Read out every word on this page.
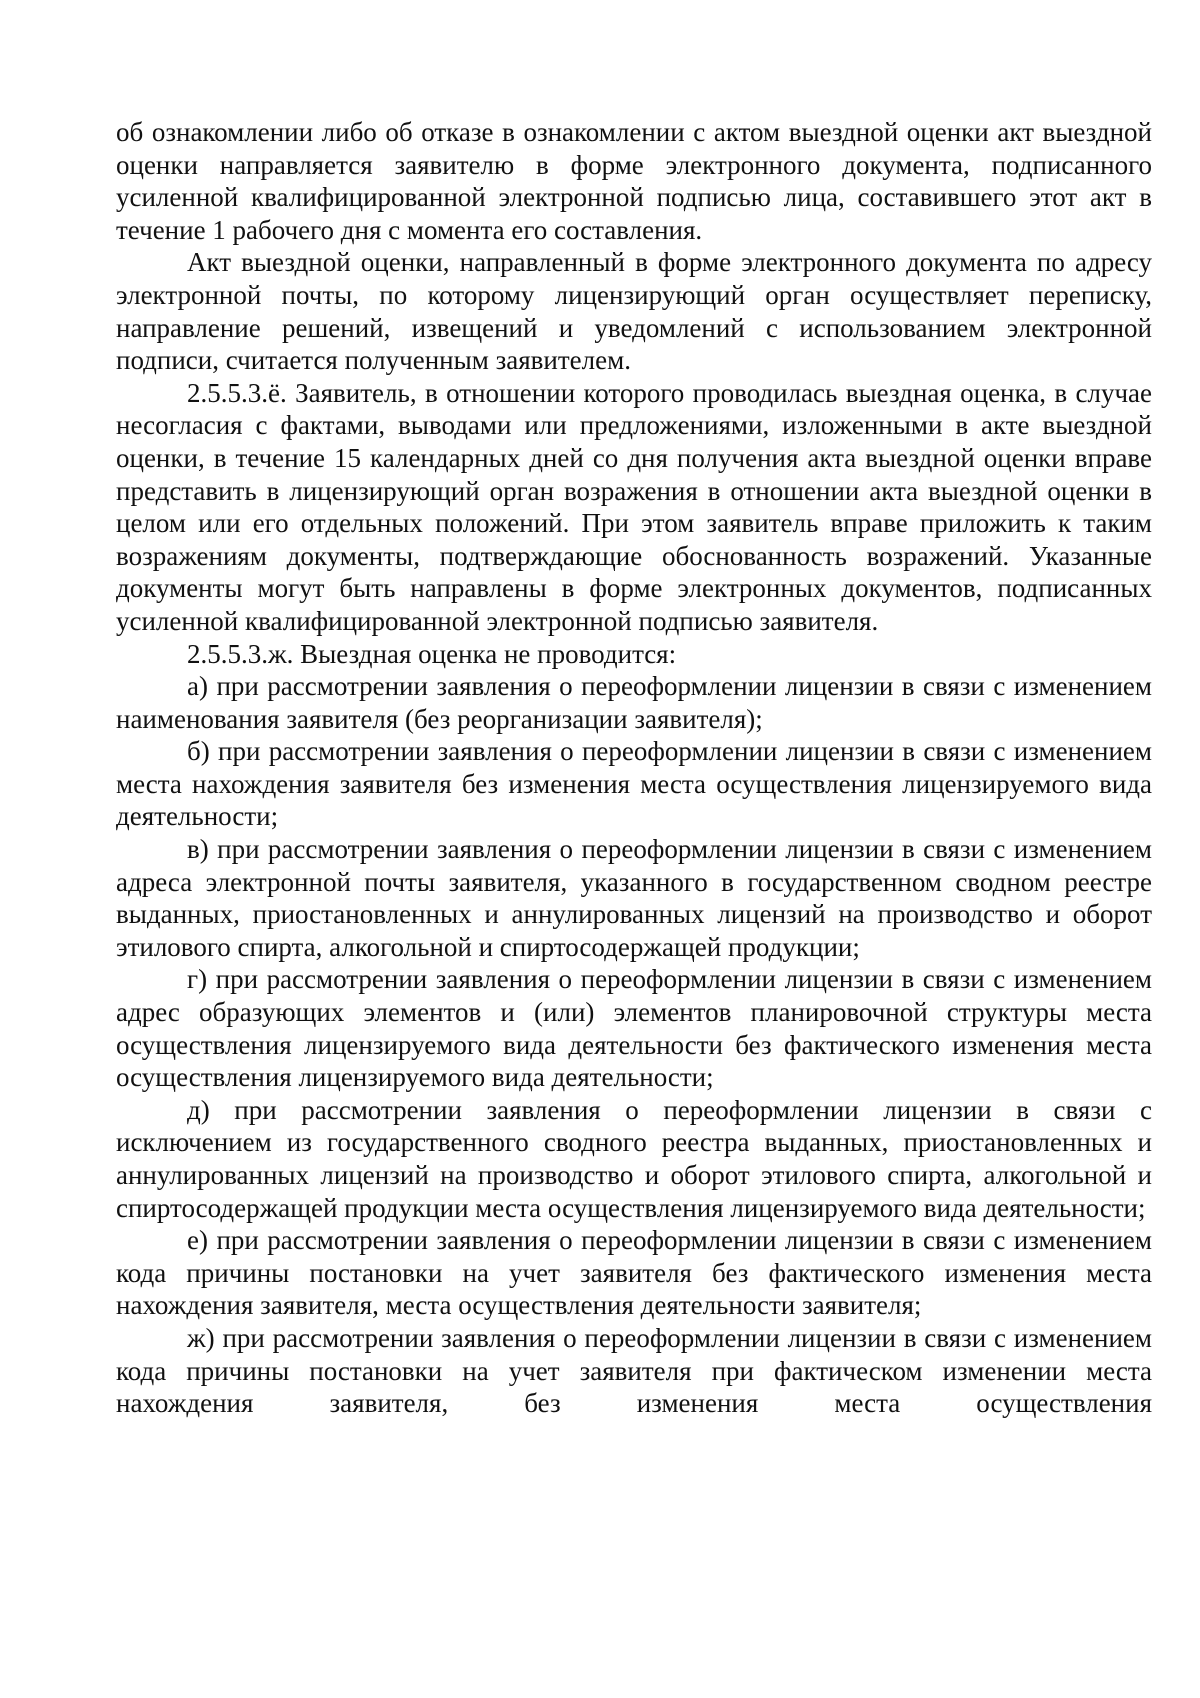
об ознакомлении либо об отказе в ознакомлении с актом выездной оценки акт выездной оценки направляется заявителю в форме электронного документа, подписанного усиленной квалифицированной электронной подписью лица, составившего этот акт в течение 1 рабочего дня с момента его составления.

Акт выездной оценки, направленный в форме электронного документа по адресу электронной почты, по которому лицензирующий орган осуществляет переписку, направление решений, извещений и уведомлений с использованием электронной подписи, считается полученным заявителем.

2.5.5.3.ё. Заявитель, в отношении которого проводилась выездная оценка, в случае несогласия с фактами, выводами или предложениями, изложенными в акте выездной оценки, в течение 15 календарных дней со дня получения акта выездной оценки вправе представить в лицензирующий орган возражения в отношении акта выездной оценки в целом или его отдельных положений. При этом заявитель вправе приложить к таким возражениям документы, подтверждающие обоснованность возражений. Указанные документы могут быть направлены в форме электронных документов, подписанных усиленной квалифицированной электронной подписью заявителя.

2.5.5.3.ж. Выездная оценка не проводится:

а) при рассмотрении заявления о переоформлении лицензии в связи с изменением наименования заявителя (без реорганизации заявителя);

б) при рассмотрении заявления о переоформлении лицензии в связи с изменением места нахождения заявителя без изменения места осуществления лицензируемого вида деятельности;

в) при рассмотрении заявления о переоформлении лицензии в связи с изменением адреса электронной почты заявителя, указанного в государственном сводном реестре выданных, приостановленных и аннулированных лицензий на производство и оборот этилового спирта, алкогольной и спиртосодержащей продукции;

г) при рассмотрении заявления о переоформлении лицензии в связи с изменением адрес образующих элементов и (или) элементов планировочной структуры места осуществления лицензируемого вида деятельности без фактического изменения места осуществления лицензируемого вида деятельности;

д) при рассмотрении заявления о переоформлении лицензии в связи с исключением из государственного сводного реестра выданных, приостановленных и аннулированных лицензий на производство и оборот этилового спирта, алкогольной и спиртосодержащей продукции места осуществления лицензируемого вида деятельности;

е) при рассмотрении заявления о переоформлении лицензии в связи с изменением кода причины постановки на учет заявителя без фактического изменения места нахождения заявителя, места осуществления деятельности заявителя;

ж) при рассмотрении заявления о переоформлении лицензии в связи с изменением кода причины постановки на учет заявителя при фактическом изменении места нахождения заявителя, без изменения места осуществления
